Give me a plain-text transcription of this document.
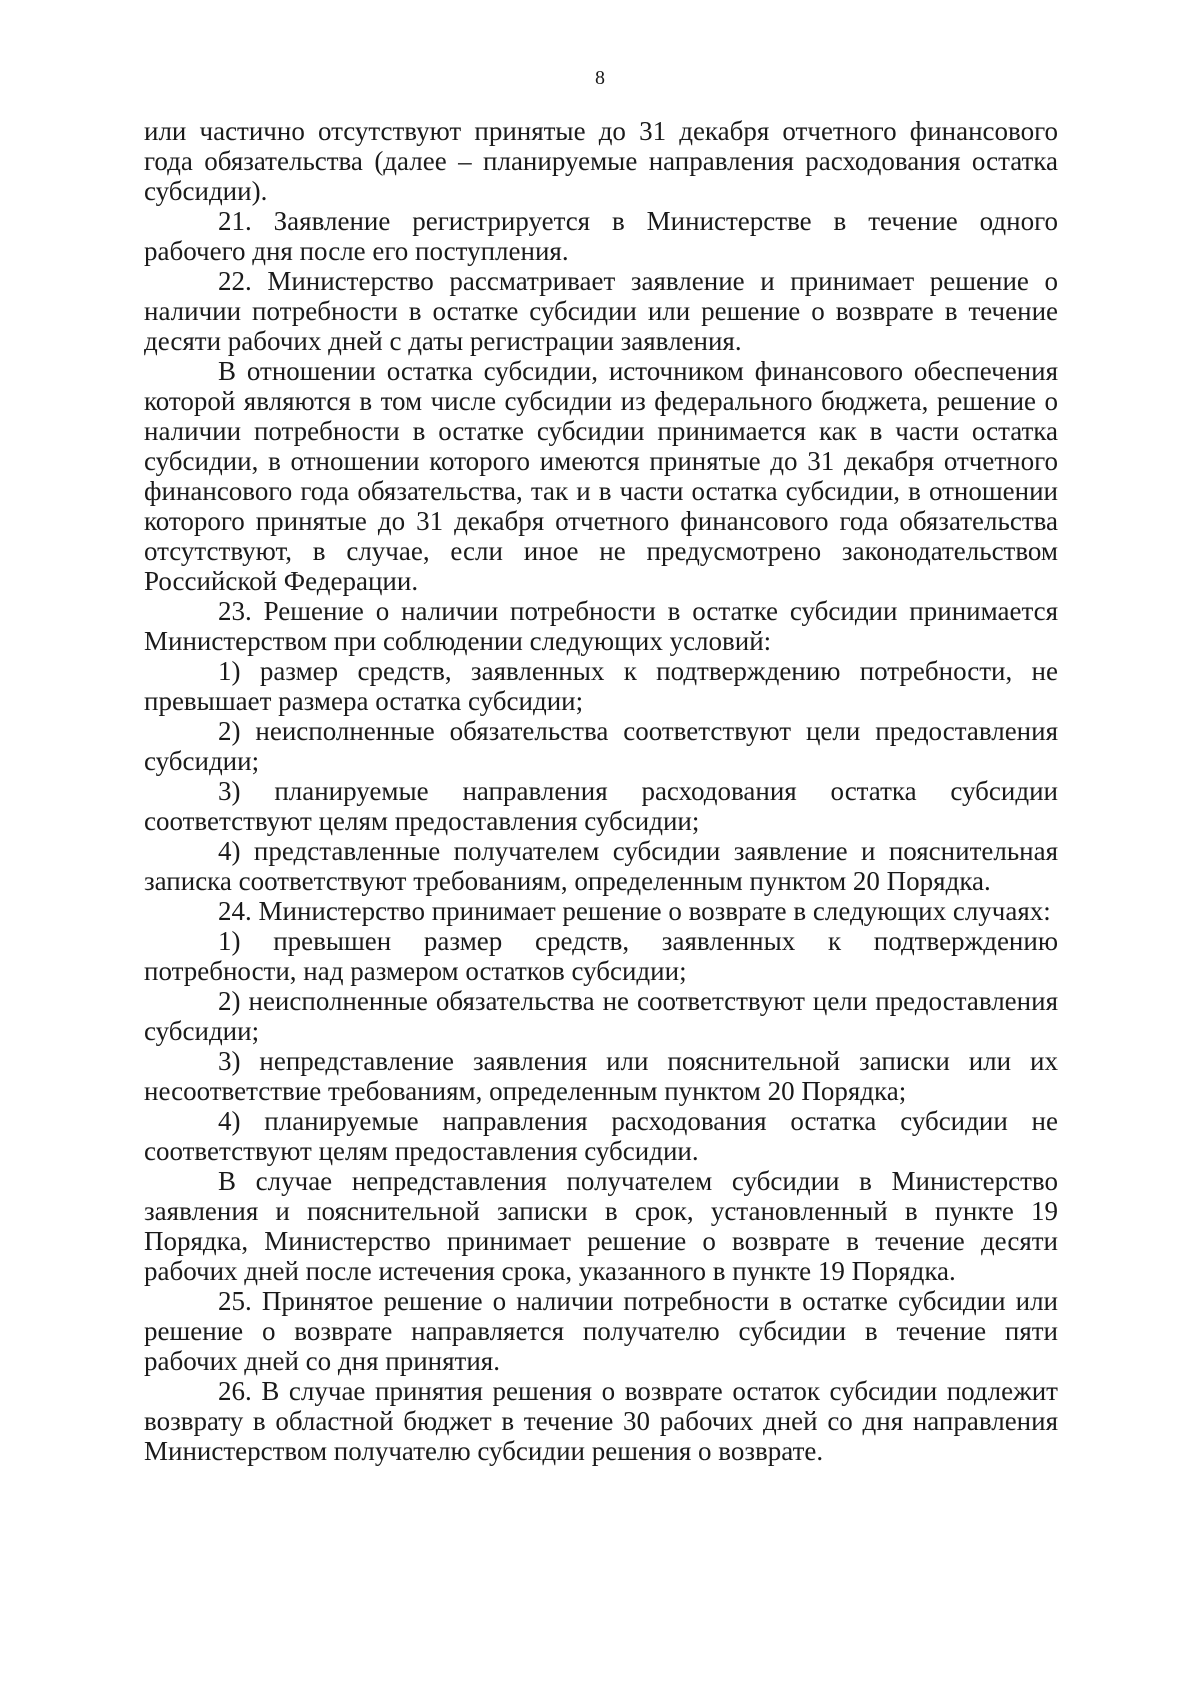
8

или частично отсутствуют принятые до 31 декабря отчетного финансового года обязательства (далее – планируемые направления расходования остатка субсидии).

21. Заявление регистрируется в Министерстве в течение одного рабочего дня после его поступления.

22. Министерство рассматривает заявление и принимает решение о наличии потребности в остатке субсидии или решение о возврате в течение десяти рабочих дней с даты регистрации заявления.

В отношении остатка субсидии, источником финансового обеспечения которой являются в том числе субсидии из федерального бюджета, решение о наличии потребности в остатке субсидии принимается как в части остатка субсидии, в отношении которого имеются принятые до 31 декабря отчетного финансового года обязательства, так и в части остатка субсидии, в отношении которого принятые до 31 декабря отчетного финансового года обязательства отсутствуют, в случае, если иное не предусмотрено законодательством Российской Федерации.

23. Решение о наличии потребности в остатке субсидии принимается Министерством при соблюдении следующих условий:

1) размер средств, заявленных к подтверждению потребности, не превышает размера остатка субсидии;

2) неисполненные обязательства соответствуют цели предоставления субсидии;

3) планируемые направления расходования остатка субсидии соответствуют целям предоставления субсидии;

4) представленные получателем субсидии заявление и пояснительная записка соответствуют требованиям, определенным пунктом 20 Порядка.

24. Министерство принимает решение о возврате в следующих случаях:

1) превышен размер средств, заявленных к подтверждению потребности, над размером остатков субсидии;

2) неисполненные обязательства не соответствуют цели предоставления субсидии;

3) непредставление заявления или пояснительной записки или их несоответствие требованиям, определенным пунктом 20 Порядка;

4) планируемые направления расходования остатка субсидии не соответствуют целям предоставления субсидии.

В случае непредставления получателем субсидии в Министерство заявления и пояснительной записки в срок, установленный в пункте 19 Порядка, Министерство принимает решение о возврате в течение десяти рабочих дней после истечения срока, указанного в пункте 19 Порядка.

25. Принятое решение о наличии потребности в остатке субсидии или решение о возврате направляется получателю субсидии в течение пяти рабочих дней со дня принятия.

26. В случае принятия решения о возврате остаток субсидии подлежит возврату в областной бюджет в течение 30 рабочих дней со дня направления Министерством получателю субсидии решения о возврате.
